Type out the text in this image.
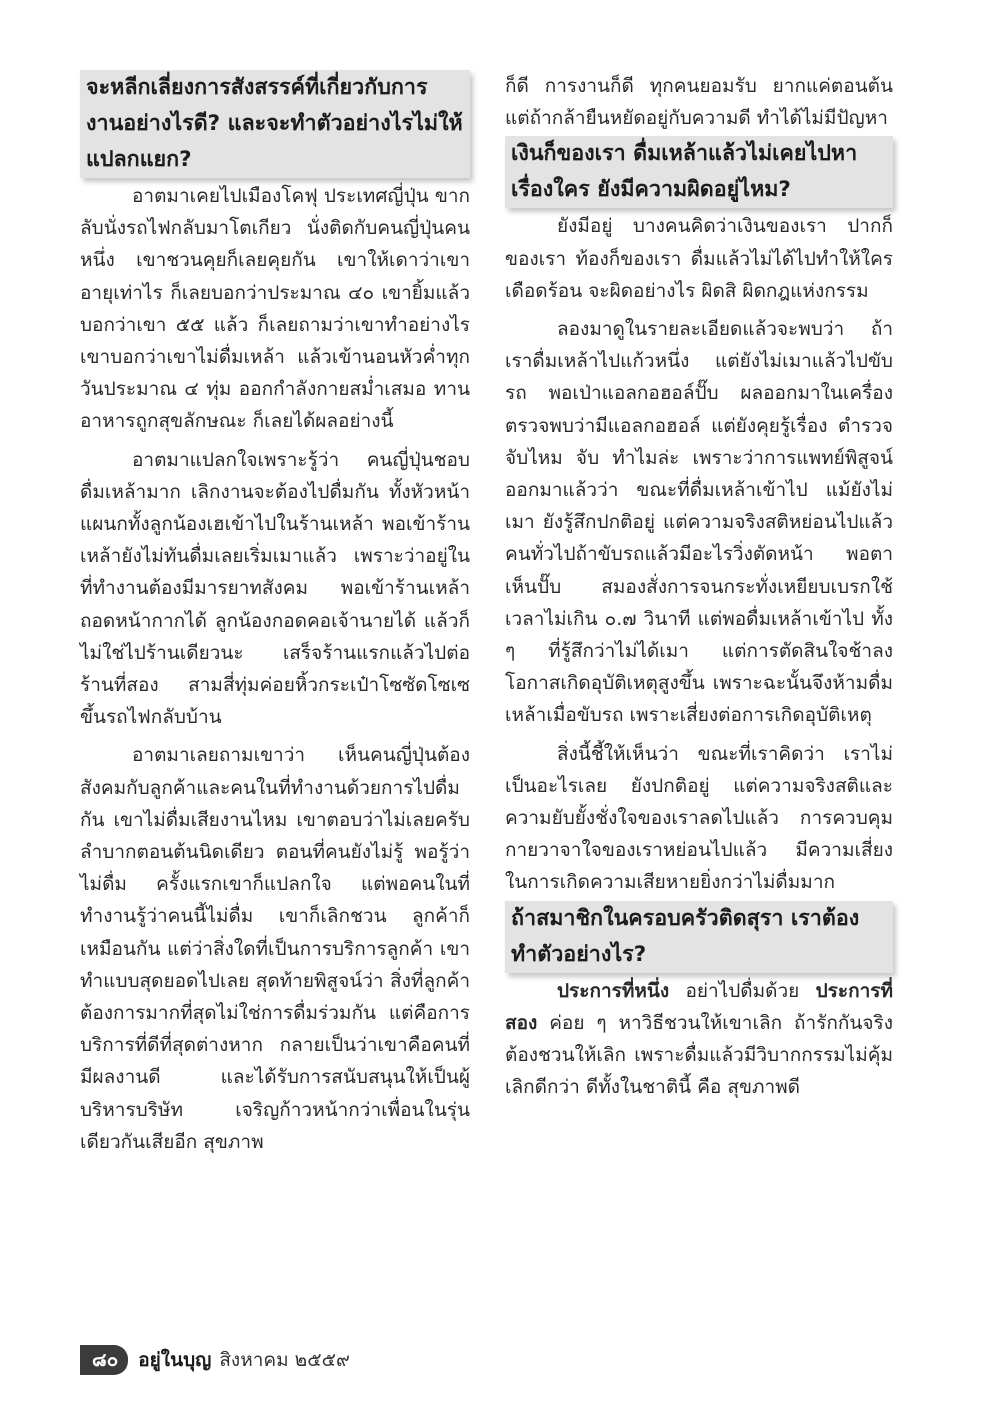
จะหลีกเลี่ยงการสังสรรค์ที่เกี่ยวกับการงานอย่างไรดี? และจะทำตัวอย่างไรไม่ให้แปลกแยก?

อาตมาเคยไปเมืองโคฟุ ประเทศญี่ปุ่น ขากลับนั่งรถไฟกลับมาโตเกียว นั่งติดกับคนญี่ปุ่นคนหนึ่ง เขาชวนคุยก็เลยคุยกัน เขาให้เดาว่าเขาอายุเท่าไร ก็เลยบอกว่าประมาณ ๔๐ เขายิ้มแล้วบอกว่าเขา ๕๕ แล้ว ก็เลยถามว่าเขาทำอย่างไร เขาบอกว่าเขาไม่ดื่มเหล้า แล้วเข้านอนหัวค่ำทุกวันประมาณ ๔ ทุ่ม ออกกำลังกายสม่ำเสมอ ทานอาหารถูกสุขลักษณะ ก็เลยได้ผลอย่างนี้

อาตมาแปลกใจเพราะรู้ว่า คนญี่ปุ่นชอบดื่มเหล้ามาก เลิกงานจะต้องไปดื่มกัน ทั้งหัวหน้าแผนกทั้งลูกน้องเฮเข้าไปในร้านเหล้า พอเข้าร้านเหล้ายังไม่ทันดื่มเลยเริ่มเมาแล้ว เพราะว่าอยู่ในที่ทำงานต้องมีมารยาทสังคม พอเข้าร้านเหล้าถอดหน้ากากได้ ลูกน้องกอดคอเจ้านายได้ แล้วก็ไม่ใช่ไปร้านเดียวนะ เสร็จร้านแรกแล้วไปต่อร้านที่สอง สามสี่ทุ่มค่อยหิ้วกระเป๋าโซซัดโซเซขึ้นรถไฟกลับบ้าน

อาตมาเลยถามเขาว่า เห็นคนญี่ปุ่นต้องสังคมกับลูกค้าและคนในที่ทำงานด้วยการไปดื่มกัน เขาไม่ดื่มเสียงานไหม เขาตอบว่าไม่เลยครับ ลำบากตอนต้นนิดเดียว ตอนที่คนยังไม่รู้ พอรู้ว่าไม่ดื่ม ครั้งแรกเขาก็แปลกใจ แต่พอคนในที่ทำงานรู้ว่าคนนี้ไม่ดื่ม เขาก็เลิกชวน ลูกค้าก็เหมือนกัน แต่ว่าสิ่งใดที่เป็นการบริการลูกค้า เขาทำแบบสุดยอดไปเลย สุดท้ายพิสูจน์ว่า สิ่งที่ลูกค้าต้องการมากที่สุดไม่ใช่การดื่มร่วมกัน แต่คือการบริการที่ดีที่สุดต่างหาก กลายเป็นว่าเขาคือคนที่มีผลงานดี และได้รับการสนับสนุนให้เป็นผู้บริหารบริษัท เจริญก้าวหน้ากว่าเพื่อนในรุ่นเดียวกันเสียอีก สุขภาพ

ก็ดี การงานก็ดี ทุกคนยอมรับ ยากแค่ตอนต้น แต่ถ้ากล้ายืนหยัดอยู่กับความดี ทำได้ไม่มีปัญหา

เงินก็ของเรา ดื่มเหล้าแล้วไม่เคยไปหาเรื่องใคร ยังมีความผิดอยู่ไหม?

ยังมีอยู่ บางคนคิดว่าเงินของเรา ปากก็ของเรา ท้องก็ของเรา ดื่มแล้วไม่ได้ไปทำให้ใครเดือดร้อน จะผิดอย่างไร ผิดสิ ผิดกฎแห่งกรรม

ลองมาดูในรายละเอียดแล้วจะพบว่า ถ้าเราดื่มเหล้าไปแก้วหนึ่ง แต่ยังไม่เมาแล้วไปขับรถ พอเป่าแอลกอฮอล์ปั๊บ ผลออกมาในเครื่องตรวจพบว่ามีแอลกอฮอล์ แต่ยังคุยรู้เรื่อง ตำรวจจับไหม จับ ทำไมล่ะ เพราะว่าการแพทย์พิสูจน์ออกมาแล้วว่า ขณะที่ดื่มเหล้าเข้าไป แม้ยังไม่เมา ยังรู้สึกปกติอยู่ แต่ความจริงสติหย่อนไปแล้ว คนทั่วไปถ้าขับรถแล้วมีอะไรวิ่งตัดหน้า พอตาเห็นปั๊บ สมองสั่งการจนกระทั่งเหยียบเบรกใช้เวลาไม่เกิน ๐.๗ วินาที แต่พอดื่มเหล้าเข้าไป ทั้ง ๆ ที่รู้สึกว่าไม่ได้เมา แต่การตัดสินใจช้าลง โอกาสเกิดอุบัติเหตุสูงขึ้น เพราะฉะนั้นจึงห้ามดื่มเหล้าเมื่อขับรถ เพราะเสี่ยงต่อการเกิดอุบัติเหตุ

สิ่งนี้ชี้ให้เห็นว่า ขณะที่เราคิดว่า เราไม่เป็นอะไรเลย ยังปกติอยู่ แต่ความจริงสติและความยับยั้งชั่งใจของเราลดไปแล้ว การควบคุมกายวาจาใจของเราหย่อนไปแล้ว มีความเสี่ยงในการเกิดความเสียหายยิ่งกว่าไม่ดื่มมาก

ถ้าสมาชิกในครอบครัวติดสุรา เราต้องทำตัวอย่างไร?

ประการที่หนึ่ง อย่าไปดื่มด้วย ประการที่สอง ค่อย ๆ หาวิธีชวนให้เขาเลิก ถ้ารักกันจริงต้องชวนให้เลิก เพราะดื่มแล้วมีวิบากกรรมไม่คุ้ม เลิกดีกว่า ดีทั้งในชาตินี้ คือ สุขภาพดี

๘๐	อยู่ในบุญ สิงหาคม ๒๕๕๙
